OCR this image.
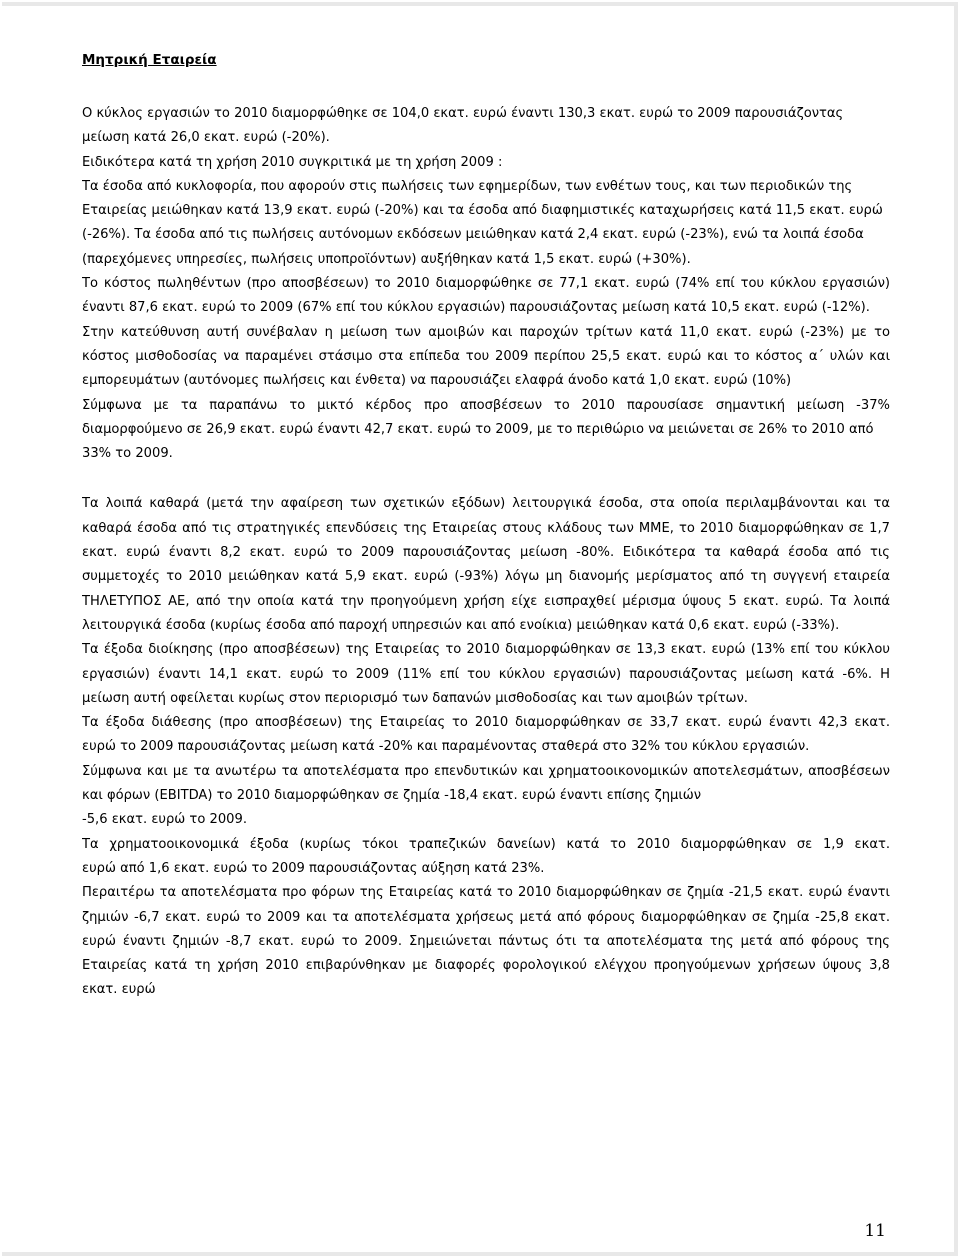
Μητρική Εταιρεία
Ο κύκλος εργασιών το 2010 διαμορφώθηκε σε 104,0 εκατ. ευρώ έναντι 130,3 εκατ. ευρώ το 2009 παρουσιάζοντας
μείωση κατά 26,0 εκατ. ευρώ (-20%).
Ειδικότερα κατά τη χρήση 2010 συγκριτικά με τη χρήση 2009 :
Τα έσοδα από κυκλοφορία, που αφορούν στις πωλήσεις των εφημερίδων, των ενθέτων τους, και των περιοδικών της
Εταιρείας μειώθηκαν κατά 13,9 εκατ. ευρώ (-20%) και τα έσοδα από διαφημιστικές καταχωρήσεις κατά 11,5 εκατ. ευρώ
(-26%). Τα έσοδα από τις πωλήσεις αυτόνομων εκδόσεων μειώθηκαν κατά 2,4 εκατ. ευρώ (-23%), ενώ τα λοιπά έσοδα
(παρεχόμενες υπηρεσίες, πωλήσεις υποπροϊόντων) αυξήθηκαν κατά 1,5 εκατ. ευρώ (+30%).
Το κόστος πωληθέντων (προ αποσβέσεων) το 2010 διαμορφώθηκε σε 77,1 εκατ. ευρώ (74% επί του κύκλου εργασιών)
έναντι 87,6 εκατ. ευρώ το 2009 (67% επί του κύκλου εργασιών) παρουσιάζοντας μείωση κατά 10,5 εκατ. ευρώ (-12%).
Στην κατεύθυνση αυτή συνέβαλαν η μείωση των αμοιβών και παροχών τρίτων κατά 11,0 εκατ. ευρώ (-23%) με το
κόστος μισθοδοσίας να παραμένει στάσιμο στα επίπεδα του 2009 περίπου 25,5 εκατ. ευρώ και το κόστος α΄ υλών και
εμπορευμάτων (αυτόνομες πωλήσεις και ένθετα) να παρουσιάζει ελαφρά άνοδο κατά 1,0 εκατ. ευρώ (10%)
Σύμφωνα με τα παραπάνω το μικτό κέρδος προ αποσβέσεων το 2010 παρουσίασε σημαντική μείωση -37%
διαμορφούμενο σε 26,9 εκατ. ευρώ έναντι 42,7 εκατ. ευρώ το 2009, με το περιθώριο να μειώνεται σε 26% το 2010 από
33% το 2009.
Τα λοιπά καθαρά (μετά την αφαίρεση των σχετικών εξόδων) λειτουργικά έσοδα, στα οποία περιλαμβάνονται και τα
καθαρά έσοδα από τις στρατηγικές επενδύσεις της Εταιρείας στους κλάδους των ΜΜΕ, το 2010 διαμορφώθηκαν σε 1,7
εκατ. ευρώ έναντι 8,2 εκατ. ευρώ το 2009 παρουσιάζοντας μείωση -80%. Ειδικότερα τα καθαρά έσοδα από τις
συμμετοχές το 2010 μειώθηκαν κατά 5,9 εκατ. ευρώ (-93%) λόγω μη διανομής μερίσματος από τη συγγενή εταιρεία
ΤΗΛΕΤΥΠΟΣ ΑΕ, από την οποία κατά την προηγούμενη χρήση είχε εισπραχθεί μέρισμα ύψους 5 εκατ. ευρώ. Τα λοιπά
λειτουργικά έσοδα (κυρίως έσοδα από παροχή υπηρεσιών και από ενοίκια) μειώθηκαν κατά 0,6 εκατ. ευρώ (-33%).
Τα έξοδα διοίκησης (προ αποσβέσεων) της Εταιρείας το 2010 διαμορφώθηκαν σε 13,3 εκατ. ευρώ (13% επί του κύκλου
εργασιών) έναντι 14,1 εκατ. ευρώ το 2009 (11% επί του κύκλου εργασιών) παρουσιάζοντας μείωση κατά -6%. Η
μείωση αυτή οφείλεται κυρίως στον περιορισμό των δαπανών μισθοδοσίας και των αμοιβών τρίτων.
Τα έξοδα διάθεσης (προ αποσβέσεων) της Εταιρείας το 2010 διαμορφώθηκαν σε 33,7 εκατ. ευρώ έναντι 42,3 εκατ.
ευρώ το 2009 παρουσιάζοντας μείωση κατά -20% και παραμένοντας σταθερά στο 32% του κύκλου εργασιών.
Σύμφωνα και με τα ανωτέρω τα αποτελέσματα προ επενδυτικών και χρηματοοικονομικών αποτελεσμάτων, αποσβέσεων
και φόρων (EBITDA) το 2010 διαμορφώθηκαν σε ζημία -18,4 εκατ. ευρώ έναντι επίσης ζημιών
-5,6 εκατ. ευρώ το 2009.
Τα χρηματοοικονομικά έξοδα (κυρίως τόκοι τραπεζικών δανείων) κατά το 2010 διαμορφώθηκαν σε 1,9 εκατ.
ευρώ από 1,6 εκατ. ευρώ το 2009 παρουσιάζοντας αύξηση κατά 23%.
Περαιτέρω τα αποτελέσματα προ φόρων της Εταιρείας κατά το 2010 διαμορφώθηκαν σε ζημία -21,5 εκατ. ευρώ έναντι
ζημιών -6,7 εκατ. ευρώ το 2009 και τα αποτελέσματα χρήσεως μετά από φόρους διαμορφώθηκαν σε ζημία -25,8 εκατ.
ευρώ έναντι ζημιών -8,7 εκατ. ευρώ το 2009. Σημειώνεται πάντως ότι τα αποτελέσματα της μετά από φόρους της
Εταιρείας κατά τη χρήση 2010 επιβαρύνθηκαν με διαφορές φορολογικού ελέγχου προηγούμενων χρήσεων ύψους 3,8
εκατ. ευρώ
11
